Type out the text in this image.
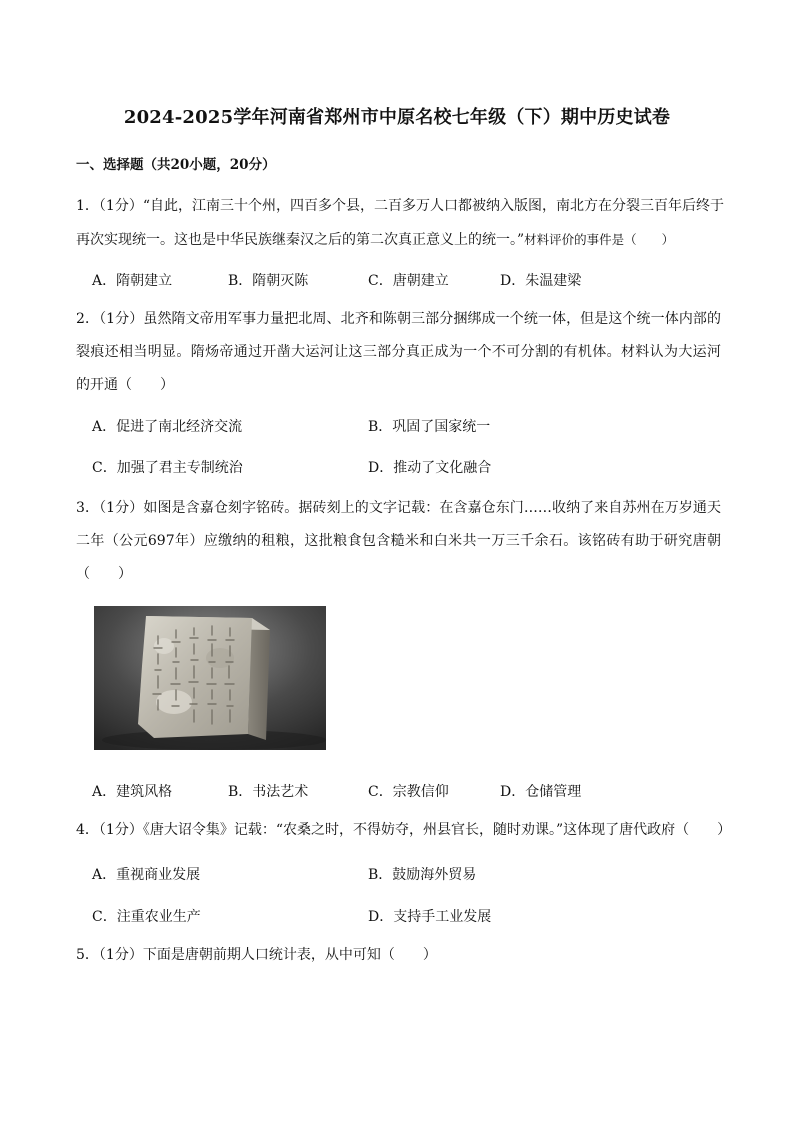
2024-2025学年河南省郑州市中原名校七年级（下）期中历史试卷
一、选择题（共20小题，20分）
1．（1分）“自此，江南三十个州，四百多个县，二百多万人口都被纳入版图，南北方在分裂三百年后终于
再次实现统一。这也是中华民族继秦汉之后的第二次真正意义上的统一。”材料评价的事件是（　　）
A．隋朝建立	B．隋朝灭陈	C．唐朝建立	D．朱温建梁
2．（1分）虽然隋文帝用军事力量把北周、北齐和陈朝三部分捆绑成一个统一体，但是这个统一体内部的
裂痕还相当明显。隋炀帝通过开凿大运河让这三部分真正成为一个不可分割的有机体。材料认为大运河
的开通（　　）
A．促进了南北经济交流	B．巩固了国家统一
C．加强了君主专制统治	D．推动了文化融合
3．（1分）如图是含嘉仓刻字铭砖。据砖刻上的文字记载：在含嘉仓东门……收纳了来自苏州在万岁通天
二年（公元697年）应缴纳的租粮，这批粮食包含糙米和白米共一万三千余石。该铭砖有助于研究唐朝
（　　）
A．建筑风格	B．书法艺术	C．宗教信仰	D．仓储管理
4．（1分）《唐大诏令集》记载：“农桑之时，不得妨夺，州县官长，随时劝课。”这体现了唐代政府（　　）
A．重视商业发展	B．鼓励海外贸易
C．注重农业生产	D．支持手工业发展
5．（1分）下面是唐朝前期人口统计表，从中可知（　　）
